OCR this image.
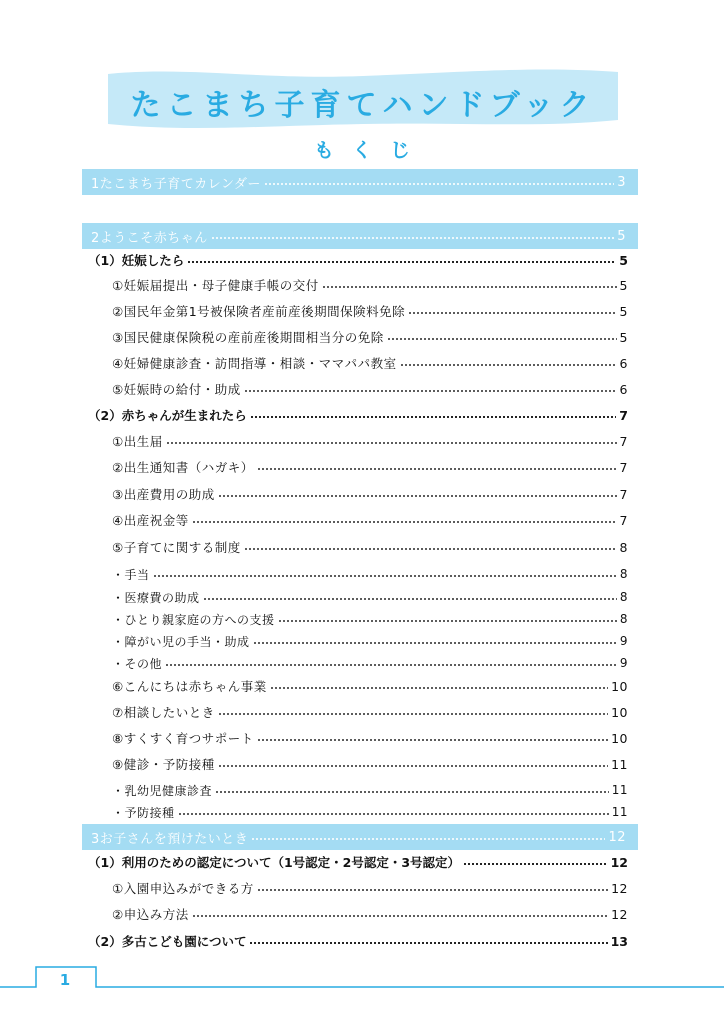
たこまち子育てハンドブック
もくじ
1たこまち子育てカレンダー	3
2ようこそ赤ちゃん	5
（1）妊娠したら	5
①妊娠届提出・母子健康手帳の交付	5
②国民年金第1号被保険者産前産後期間保険料免除	5
③国民健康保険税の産前産後期間相当分の免除	5
④妊婦健康診査・訪問指導・相談・ママパパ教室	6
⑤妊娠時の給付・助成	6
（2）赤ちゃんが生まれたら	7
①出生届	7
②出生通知書（ハガキ）	7
③出産費用の助成	7
④出産祝金等	7
⑤子育てに関する制度	8
・手当	8
・医療費の助成	8
・ひとり親家庭の方への支援	8
・障がい児の手当・助成	9
・その他	9
⑥こんにちは赤ちゃん事業	10
⑦相談したいとき	10
⑧すくすく育つサポート	10
⑨健診・予防接種	11
・乳幼児健康診査	11
・予防接種	11
3お子さんを預けたいとき	12
（1）利用のための認定について（1号認定・2号認定・3号認定）	12
①入園申込みができる方	12
②申込み方法	12
（2）多古こども園について	13
1
